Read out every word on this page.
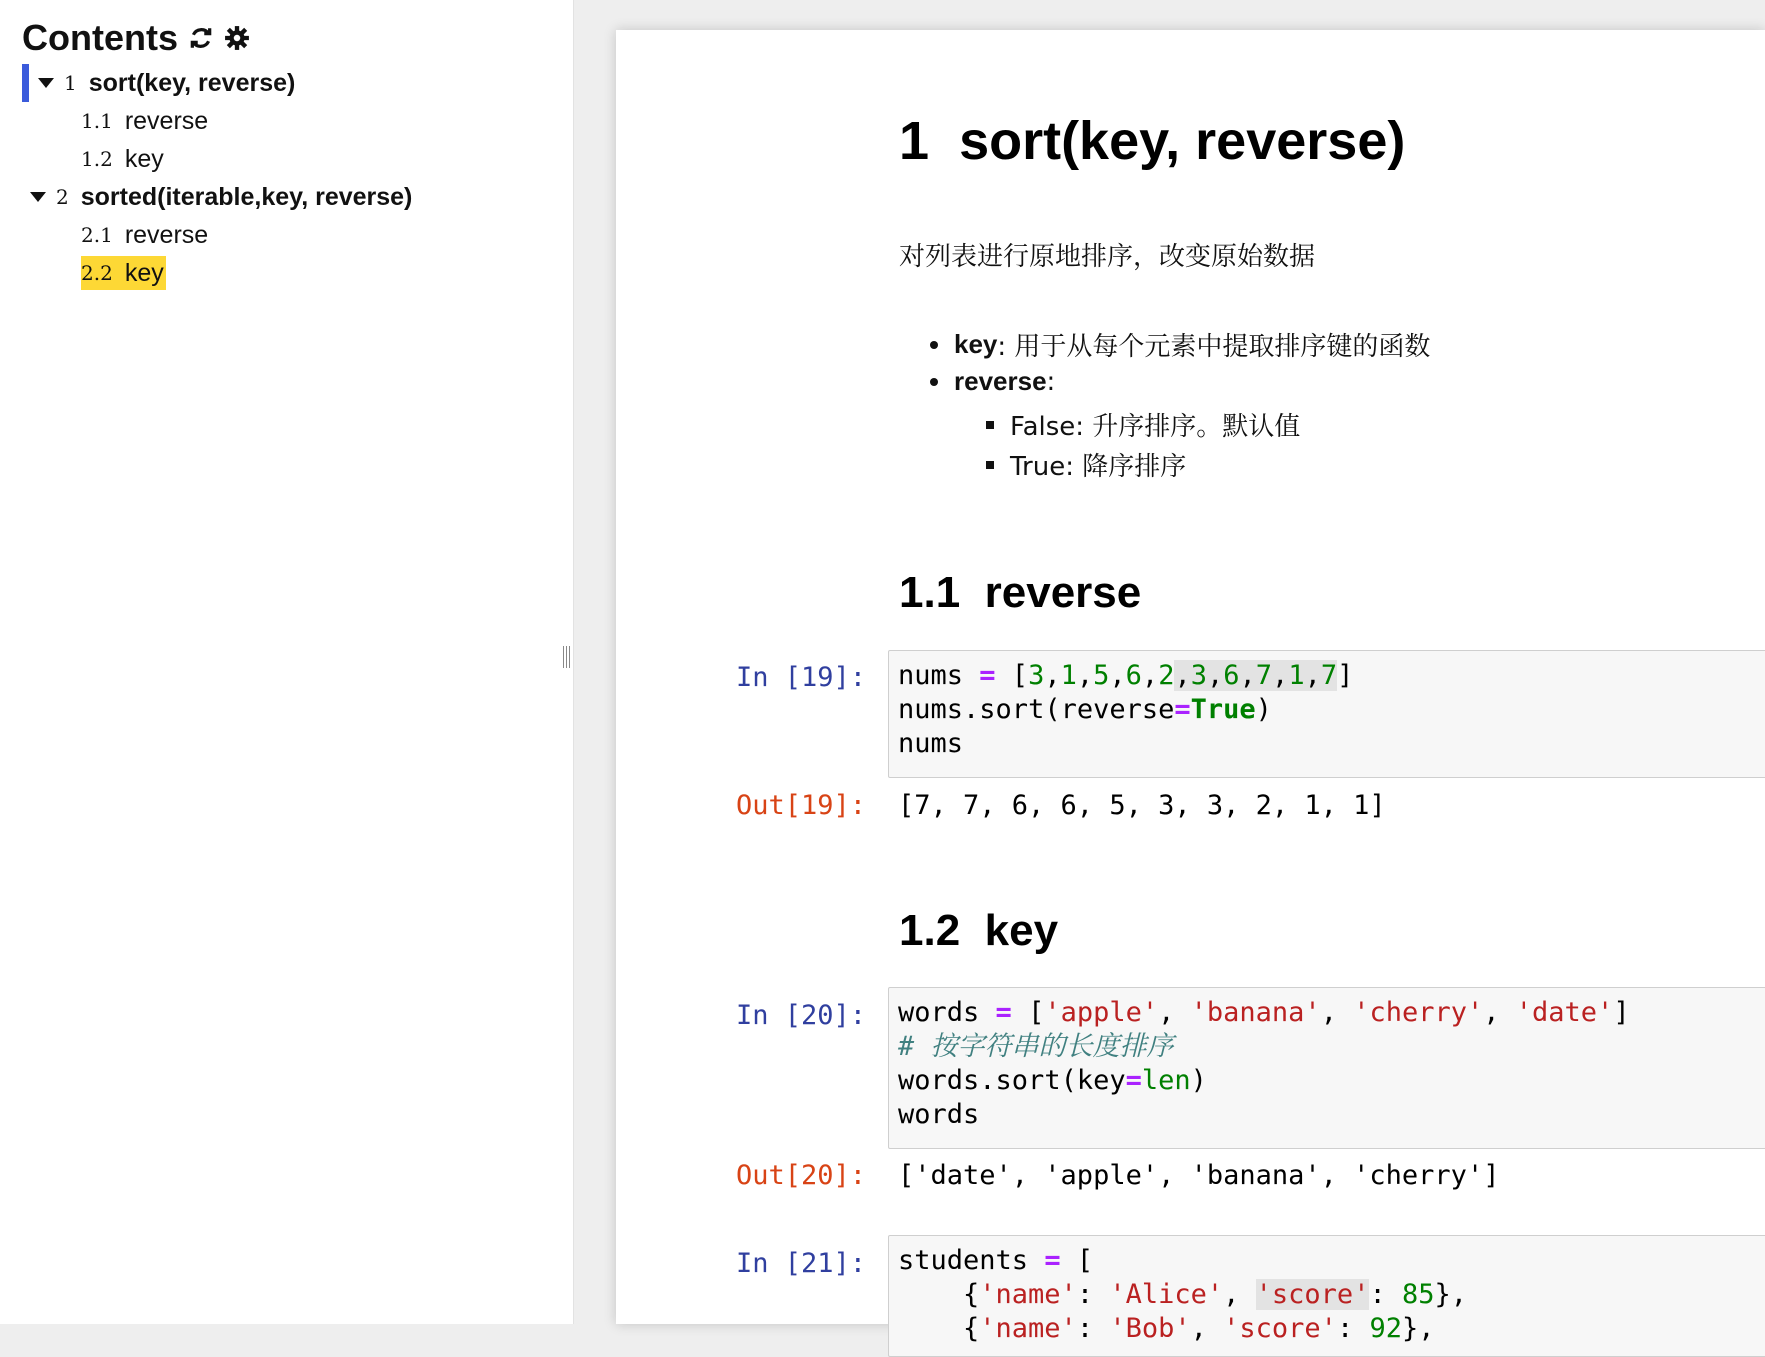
Contents
1 sort(key, reverse)
1.1 reverse
1.2 key
2 sorted(iterable,key, reverse)
2.1 reverse
2.2 key
1 sort(key, reverse)
对列表进行原地排序，改变原始数据
key : 用于从每个元素中提取排序键的函数
reverse :
False: 升序排序。默认值
True: 降序排序
1.1 reverse
In [19]:	nums = [3,1,5,6,2,3,6,7,1,7]
nums.sort(reverse=True)
nums
Out[19]: [7, 7, 6, 6, 5, 3, 3, 2, 1, 1]
1.2 key
In [20]:	words = ['apple', 'banana', 'cherry', 'date']
# 按字符串的长度排序
words.sort(key=len)
words
Out[20]: ['date', 'apple', 'banana', 'cherry']
In [21]:	students = [
{'name': 'Alice', 'score': 85},
{'name': 'Bob', 'score': 92},
